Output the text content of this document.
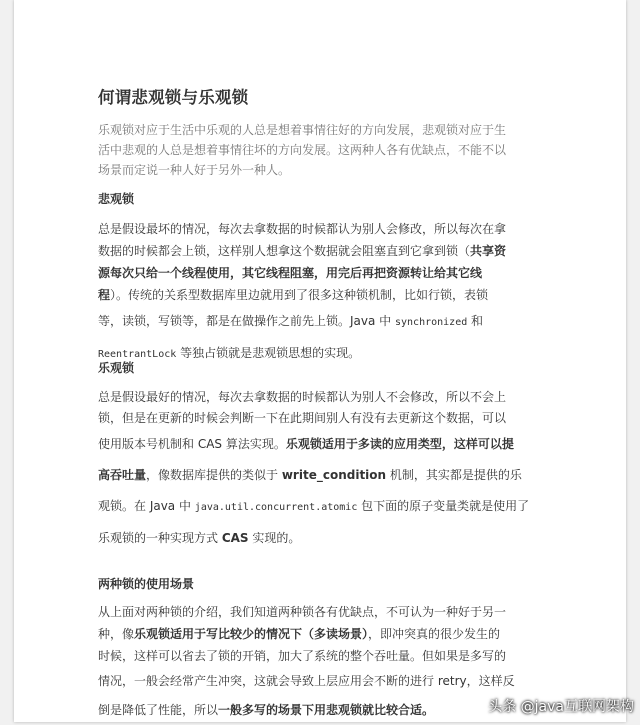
何谓悲观锁与乐观锁
乐观锁对应于生活中乐观的人总是想着事情往好的方向发展，悲观锁对应于生
活中悲观的人总是想着事情往坏的方向发展。这两种人各有优缺点，不能不以
场景而定说一种人好于另外一种人。
悲观锁
总是假设最坏的情况，每次去拿数据的时候都认为别人会修改，所以每次在拿
数据的时候都会上锁，这样别人想拿这个数据就会阻塞直到它拿到锁（共享资
源每次只给一个线程使用，其它线程阻塞，用完后再把资源转让给其它线
程）。传统的关系型数据库里边就用到了很多这种锁机制，比如行锁，表锁
等，读锁，写锁等，都是在做操作之前先上锁。Java 中 synchronized 和
ReentrantLock 等独占锁就是悲观锁思想的实现。
乐观锁
总是假设最好的情况，每次去拿数据的时候都认为别人不会修改，所以不会上
锁，但是在更新的时候会判断一下在此期间别人有没有去更新这个数据，可以
使用版本号机制和 CAS 算法实现。乐观锁适用于多读的应用类型，这样可以提
高吞吐量，像数据库提供的类似于 write_condition 机制，其实都是提供的乐
观锁。在 Java 中 java.util.concurrent.atomic 包下面的原子变量类就是使用了
乐观锁的一种实现方式 CAS 实现的。
两种锁的使用场景
从上面对两种锁的介绍，我们知道两种锁各有优缺点，不可认为一种好于另一
种，像乐观锁适用于写比较少的情况下（多读场景），即冲突真的很少发生的
时候，这样可以省去了锁的开销，加大了系统的整个吞吐量。但如果是多写的
情况，一般会经常产生冲突，这就会导致上层应用会不断的进行 retry，这样反
倒是降低了性能，所以一般多写的场景下用悲观锁就比较合适。	头条 @java互联网架构
